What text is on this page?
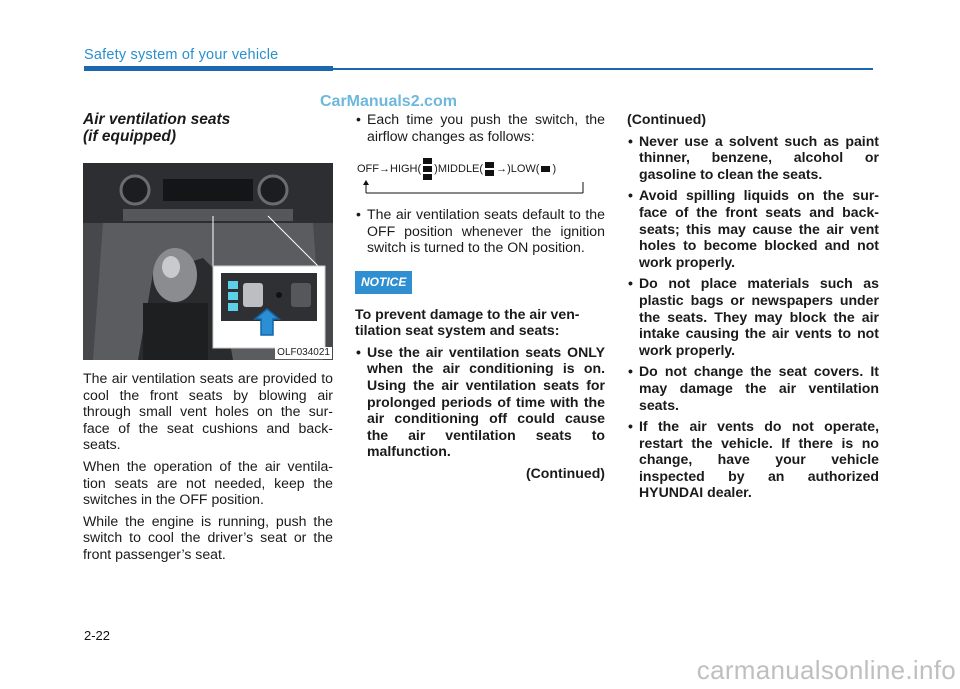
Safety system of your vehicle
CarManuals2.com
Air ventilation seats
(if equipped)
OLF034021

The air ventilation seats are provided to cool the front seats by blowing air through small vent holes on the sur-face of the seat cushions and back-seats.

When the operation of the air ventila-tion seats are not needed, keep the switches in the OFF position.

While the engine is running, push the switch to cool the driver’s seat or the front passenger’s seat.

• Each time you push the switch, the airflow changes as follows:
OFF→HIGH( )MIDDLE( →)LOW( )
• The air ventilation seats default to the OFF position whenever the ignition switch is turned to the ON position.
NOTICE
To prevent damage to the air ven-tilation seat system and seats:
• Use the air ventilation seats ONLY when the air conditioning is on. Using the air ventilation seats for prolonged periods of time with the air conditioning off could cause the air ventilation seats to malfunction.
(Continued)
(Continued)
• Never use a solvent such as paint thinner, benzene, alcohol or gasoline to clean the seats.
• Avoid spilling liquids on the sur-face of the front seats and back-seats; this may cause the air vent holes to become blocked and not work properly.
• Do not place materials such as plastic bags or newspapers under the seats. They may block the air intake causing the air vents to not work properly.
• Do not change the seat covers. It may damage the air ventilation seats.
• If the air vents do not operate, restart the vehicle. If there is no change, have your vehicle inspected by an authorized HYUNDAI dealer.
2-22
carmanualsonline.info
